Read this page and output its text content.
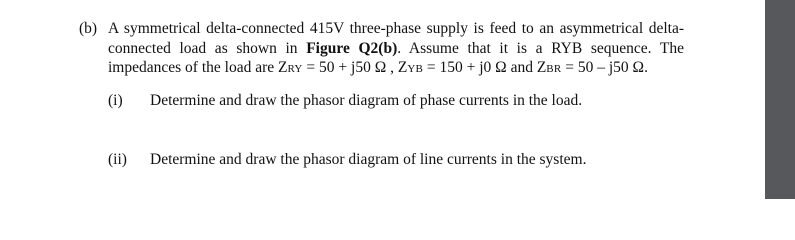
(b) A symmetrical delta-connected 415V three-phase supply is feed to an asymmetrical delta-
connected load as shown in Figure Q2(b). Assume that it is a RYB sequence. The
impedances of the load are ZRY = 50 + j50 Ω , ZYB = 150 + j0 Ω and ZBR = 50 – j50 Ω.
(i) Determine and draw the phasor diagram of phase currents in the load.
(ii) Determine and draw the phasor diagram of line currents in the system.
